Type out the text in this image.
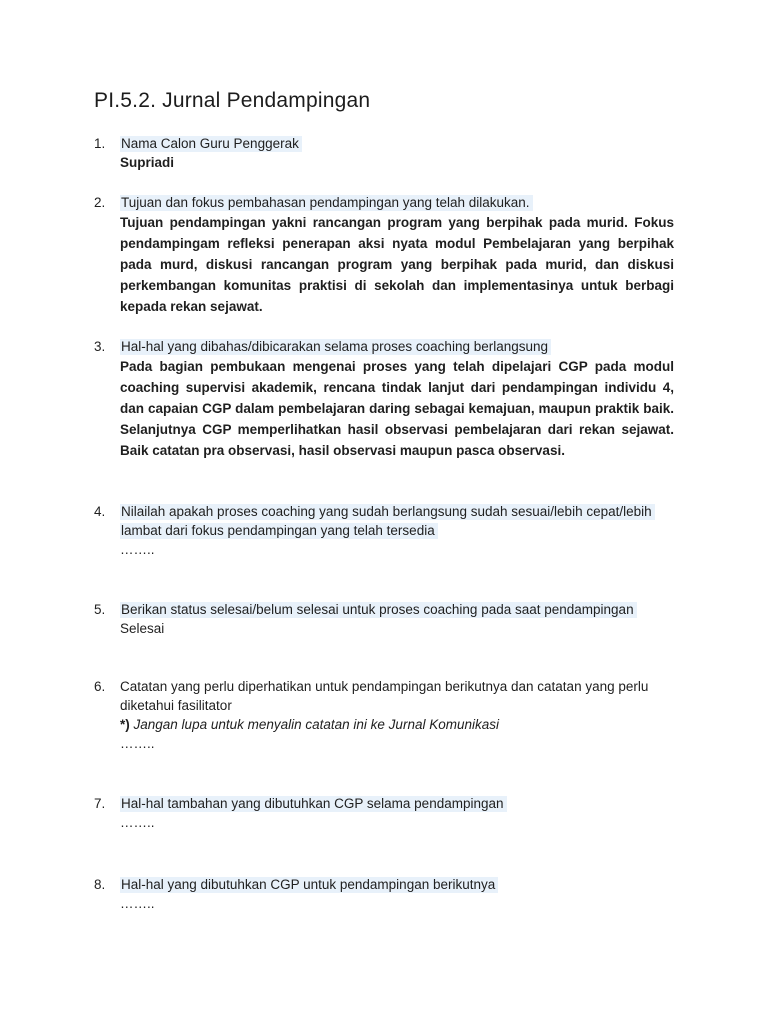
PI.5.2. Jurnal Pendampingan
1.	Nama Calon Guru Penggerak
Supriadi
2.	Tujuan dan fokus pembahasan pendampingan yang telah dilakukan.
Tujuan pendampingan yakni rancangan program yang berpihak pada murid. Fokus pendampingam refleksi penerapan aksi nyata modul Pembelajaran yang berpihak pada murd, diskusi rancangan program yang berpihak pada murid, dan diskusi perkembangan komunitas praktisi di sekolah dan implementasinya untuk berbagi kepada rekan sejawat.
3.	Hal-hal yang dibahas/dibicarakan selama proses coaching berlangsung
Pada bagian pembukaan mengenai proses yang telah dipelajari CGP pada modul coaching supervisi akademik, rencana tindak lanjut dari pendampingan individu 4, dan capaian CGP dalam pembelajaran daring sebagai kemajuan, maupun praktik baik. Selanjutnya CGP memperlihatkan hasil observasi pembelajaran dari rekan sejawat. Baik catatan pra observasi, hasil observasi maupun pasca observasi.
4.	Nilailah apakah proses coaching yang sudah berlangsung sudah sesuai/lebih cepat/lebih lambat dari fokus pendampingan yang telah tersedia
……..
5.	Berikan status selesai/belum selesai untuk proses coaching pada saat pendampingan
Selesai
6.	Catatan yang perlu diperhatikan untuk pendampingan berikutnya dan catatan yang perlu diketahui fasilitator
*) Jangan lupa untuk menyalin catatan ini ke Jurnal Komunikasi
……..
7.	Hal-hal tambahan yang dibutuhkan CGP selama pendampingan
……..
8.	Hal-hal yang dibutuhkan CGP untuk pendampingan berikutnya
……..
